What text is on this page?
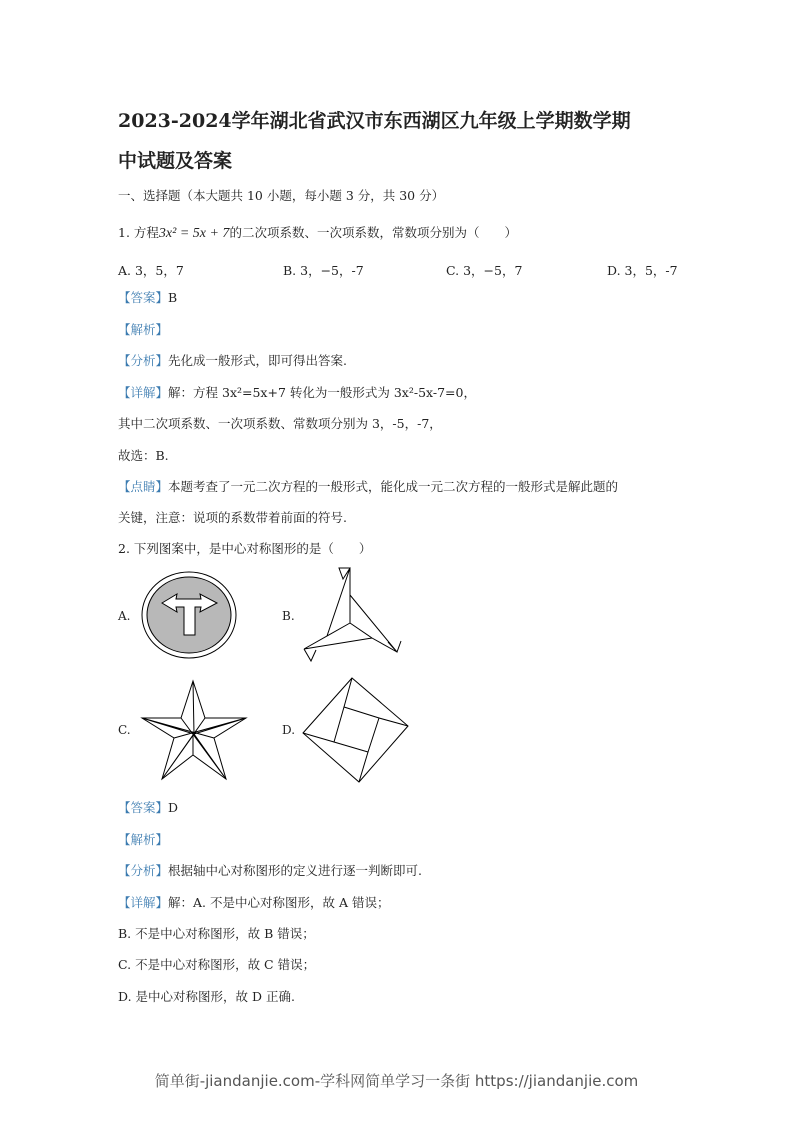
2023-2024学年湖北省武汉市东西湖区九年级上学期数学期
中试题及答案
一、选择题（本大题共 10 小题，每小题 3 分，共 30 分）
1. 方程3x² = 5x + 7的二次项系数、一次项系数，常数项分别为（　　）
A. 3，5，7	B. 3，−5，-7	C. 3，−5，7	D. 3，5，-7
【答案】B
【解析】
【分析】先化成一般形式，即可得出答案.
【详解】解：方程 3x²=5x+7 转化为一般形式为 3x²-5x-7=0，
其中二次项系数、一次项系数、常数项分别为 3，-5，-7，
故选：B.
【点睛】本题考查了一元二次方程的一般形式，能化成一元二次方程的一般形式是解此题的
关键，注意：说项的系数带着前面的符号.
2. 下列图案中，是中心对称图形的是（　　）
A.	B.
C.	D.
【答案】D
【解析】
【分析】根据轴中心对称图形的定义进行逐一判断即可.
【详解】解：A. 不是中心对称图形，故 A 错误；
B. 不是中心对称图形，故 B 错误；
C. 不是中心对称图形，故 C 错误；
D. 是中心对称图形，故 D 正确.
简单街-jiandanjie.com-学科网简单学习一条街 https://jiandanjie.com
